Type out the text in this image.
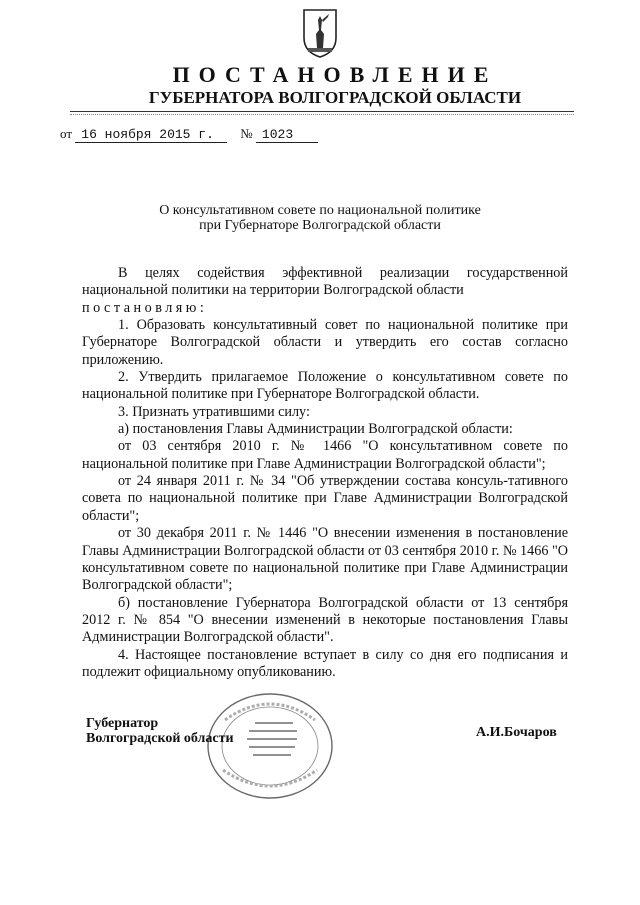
ПОСТАНОВЛЕНИЕ
ГУБЕРНАТОРА ВОЛГОГРАДСКОЙ ОБЛАСТИ
от 16 ноября 2015 г. № 1023
О консультативном совете по национальной политике
при Губернаторе Волгоградской области

В целях содействия эффективной реализации государственной национальной политики на территории Волгоградской области

постановляю:

1. Образовать консультативный совет по национальной политике при Губернаторе Волгоградской области и утвердить его состав согласно приложению.

2. Утвердить прилагаемое Положение о консультативном совете по национальной политике при Губернаторе Волгоградской области.

3. Признать утратившими силу:

а) постановления Главы Администрации Волгоградской области:

от 03 сентября 2010 г. № 1466 "О консультативном совете по национальной политике при Главе Администрации Волгоградской области";

от 24 января 2011 г. № 34 "Об утверждении состава консуль-тативного совета по национальной политике при Главе Администрации Волгоградской области";

от 30 декабря 2011 г. № 1446 "О внесении изменения в постановление Главы Администрации Волгоградской области от 03 сентября 2010 г. № 1466 "О консультативном совете по национальной политике при Главе Администрации Волгоградской области";

б) постановление Губернатора Волгоградской области от 13 сентября 2012 г. № 854 "О внесении изменений в некоторые постановления Главы Администрации Волгоградской области".

4. Настоящее постановление вступает в силу со дня его подписания и подлежит официальному опубликованию.

Губернатор
Волгоградской области	А.И.Бочаров
